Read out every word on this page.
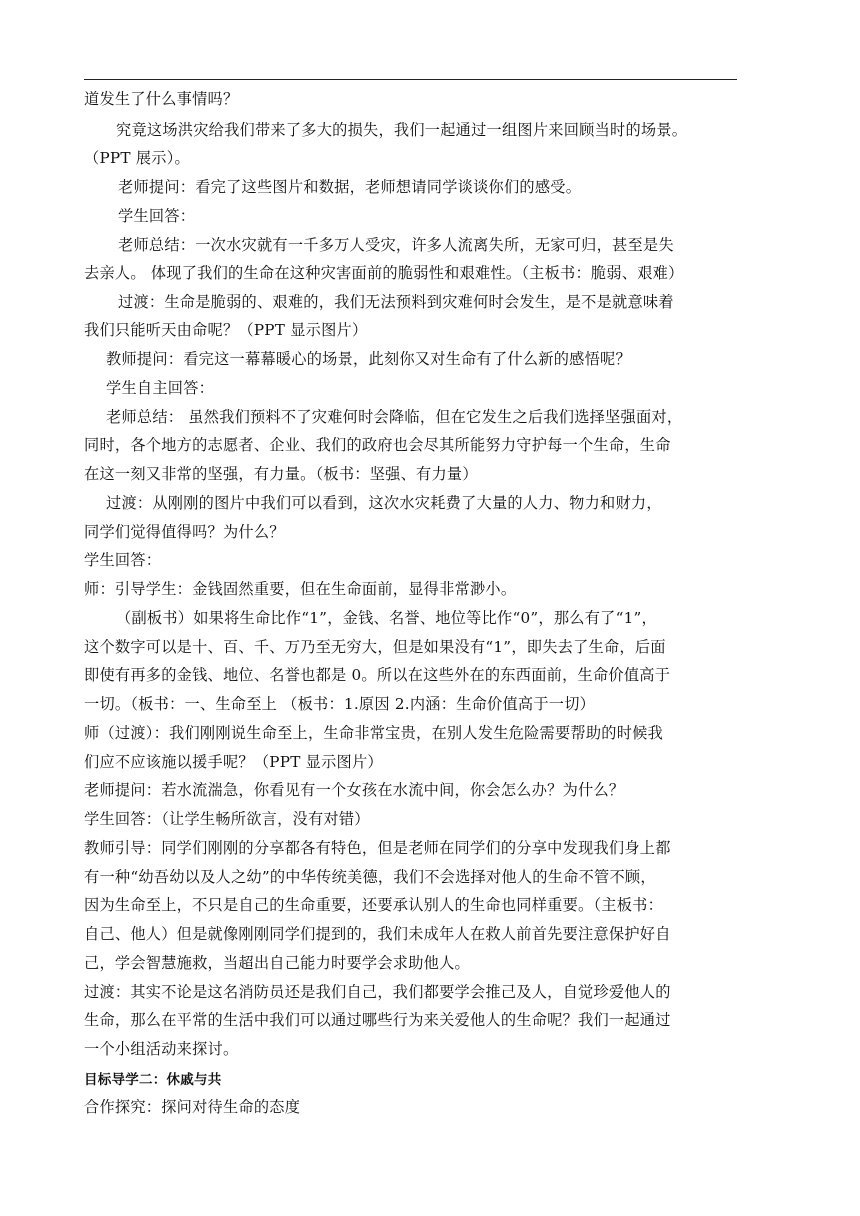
道发生了什么事情吗？
究竟这场洪灾给我们带来了多大的损失，我们一起通过一组图片来回顾当时的场景。
（PPT 展示）。
老师提问：看完了这些图片和数据，老师想请同学谈谈你们的感受。
学生回答：
老师总结：一次水灾就有一千多万人受灾，许多人流离失所，无家可归，甚至是失
去亲人。 体现了我们的生命在这种灾害面前的脆弱性和艰难性。（主板书：脆弱、艰难）
过渡：生命是脆弱的、艰难的，我们无法预料到灾难何时会发生，是不是就意味着
我们只能听天由命呢？（PPT 显示图片）
教师提问：看完这一幕幕暖心的场景，此刻你又对生命有了什么新的感悟呢？
学生自主回答：
老师总结： 虽然我们预料不了灾难何时会降临，但在它发生之后我们选择坚强面对，
同时，各个地方的志愿者、企业、我们的政府也会尽其所能努力守护每一个生命，生命
在这一刻又非常的坚强，有力量。（板书：坚强、有力量）
过渡：从刚刚的图片中我们可以看到，这次水灾耗费了大量的人力、物力和财力，
同学们觉得值得吗？为什么？
学生回答：
师：引导学生：金钱固然重要，但在生命面前，显得非常渺小。
（副板书）如果将生命比作“1”，金钱、名誉、地位等比作“0”，那么有了“1”，
这个数字可以是十、百、千、万乃至无穷大，但是如果没有“1”，即失去了生命，后面
即使有再多的金钱、地位、名誉也都是 0。所以在这些外在的东西面前，生命价值高于
一切。（板书：一、生命至上 （板书：1.原因 2.内涵：生命价值高于一切）
师（过渡）：我们刚刚说生命至上，生命非常宝贵，在别人发生危险需要帮助的时候我
们应不应该施以援手呢？（PPT 显示图片）
老师提问：若水流湍急，你看见有一个女孩在水流中间，你会怎么办？为什么？
学生回答：（让学生畅所欲言，没有对错）
教师引导：同学们刚刚的分享都各有特色，但是老师在同学们的分享中发现我们身上都
有一种“幼吾幼以及人之幼”的中华传统美德，我们不会选择对他人的生命不管不顾，
因为生命至上，不只是自己的生命重要，还要承认别人的生命也同样重要。（主板书：
自己、他人）但是就像刚刚同学们提到的，我们未成年人在救人前首先要注意保护好自
己，学会智慧施救，当超出自己能力时要学会求助他人。
过渡：其实不论是这名消防员还是我们自己，我们都要学会推己及人，自觉珍爱他人的
生命，那么在平常的生活中我们可以通过哪些行为来关爱他人的生命呢？我们一起通过
一个小组活动来探讨。
目标导学二：休戚与共
合作探究：探问对待生命的态度
